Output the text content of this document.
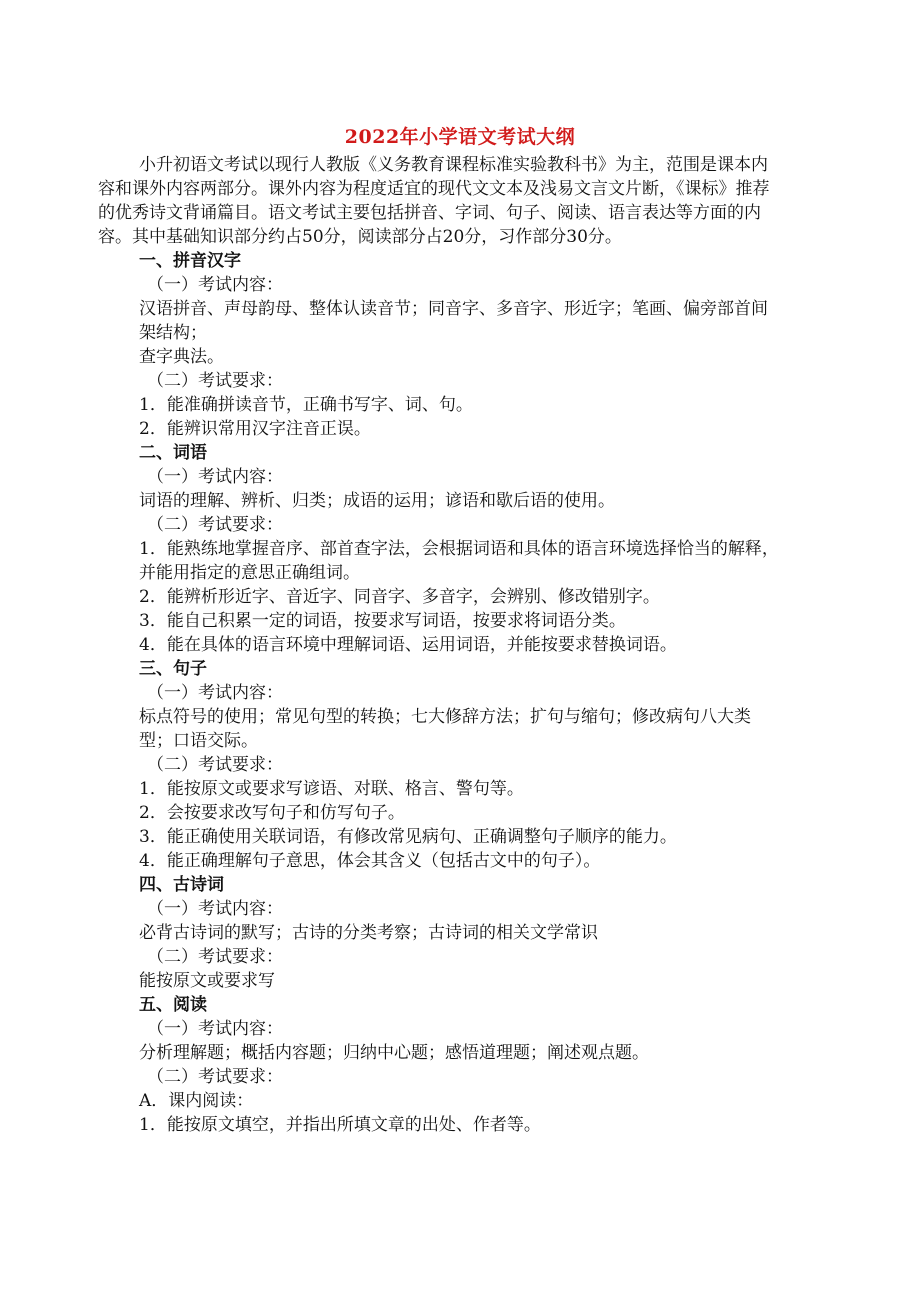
2022年小学语文考试大纲

小升初语文考试以现行人教版《义务教育课程标准实验教科书》为主，范围是课本内容和课外内容两部分。课外内容为程度适宜的现代文文本及浅易文言文片断，《课标》推荐的优秀诗文背诵篇目。语文考试主要包括拼音、字词、句子、阅读、语言表达等方面的内容。其中基础知识部分约占50分，阅读部分占20分，习作部分30分。

一、拼音汉字

（一）考试内容：

汉语拼音、声母韵母、整体认读音节；同音字、多音字、形近字；笔画、偏旁部首间架结构；

查字典法。

（二）考试要求：

1．能准确拼读音节，正确书写字、词、句。

2．能辨识常用汉字注音正误。

二、词语

（一）考试内容：

词语的理解、辨析、归类；成语的运用；谚语和歇后语的使用。

（二）考试要求：

1．能熟练地掌握音序、部首查字法，会根据词语和具体的语言环境选择恰当的解释，并能用指定的意思正确组词。

2．能辨析形近字、音近字、同音字、多音字，会辨别、修改错别字。

3．能自己积累一定的词语，按要求写词语，按要求将词语分类。

4．能在具体的语言环境中理解词语、运用词语，并能按要求替换词语。

三、句子

（一）考试内容：

标点符号的使用；常见句型的转换；七大修辞方法；扩句与缩句；修改病句八大类型；口语交际。

（二）考试要求：

1．能按原文或要求写谚语、对联、格言、警句等。

2．会按要求改写句子和仿写句子。

3．能正确使用关联词语，有修改常见病句、正确调整句子顺序的能力。

4．能正确理解句子意思，体会其含义（包括古文中的句子）。

四、古诗词

（一）考试内容：

必背古诗词的默写；古诗的分类考察；古诗词的相关文学常识

（二）考试要求：

能按原文或要求写

五、阅读

（一）考试内容：

分析理解题；概括内容题；归纳中心题；感悟道理题；阐述观点题。

（二）考试要求：

A．课内阅读：

1．能按原文填空，并指出所填文章的出处、作者等。
